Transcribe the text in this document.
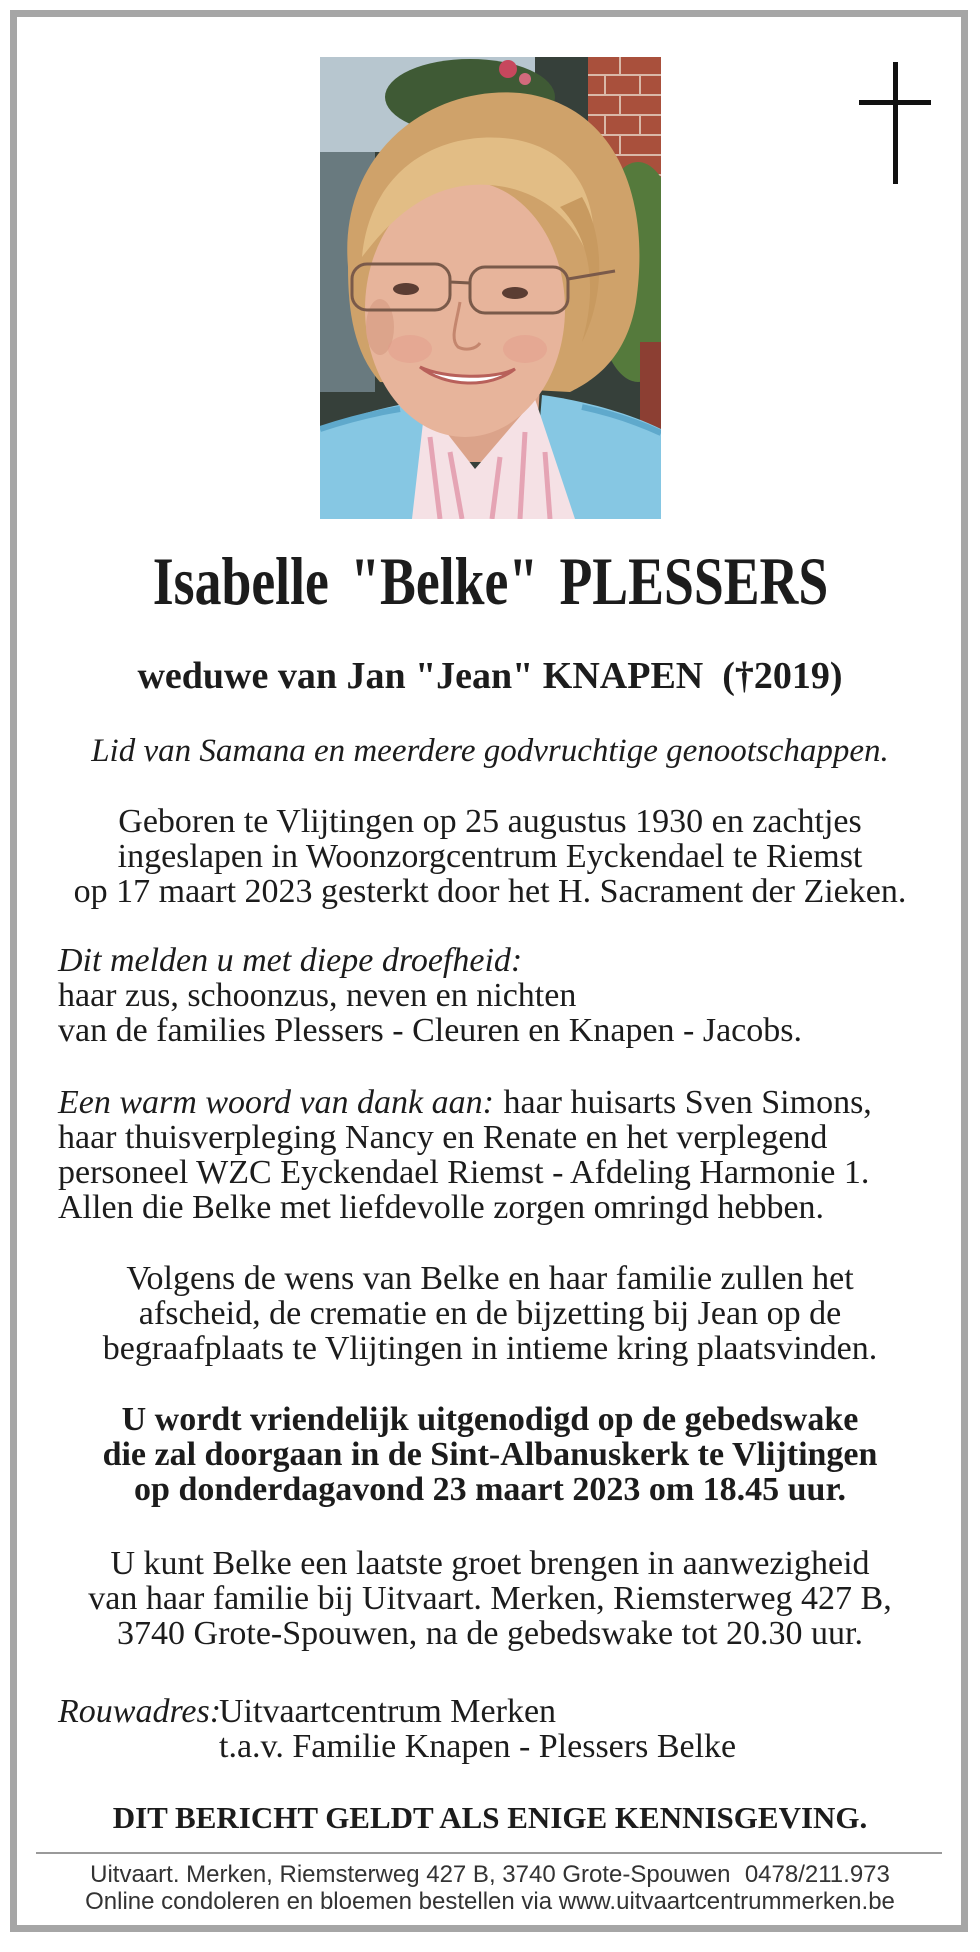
Isabelle "Belke" PLESSERS
weduwe van Jan "Jean" KNAPEN  (†2019)
Lid van Samana en meerdere godvruchtige genootschappen.
Geboren te Vlijtingen op 25 augustus 1930 en zachtjes
ingeslapen in Woonzorgcentrum Eyckendael te Riemst
op 17 maart 2023 gesterkt door het H. Sacrament der Zieken.
Dit melden u met diepe droefheid:
haar zus, schoonzus, neven en nichten
van de families Plessers - Cleuren en Knapen - Jacobs.
Een warm woord van dank aan: haar huisarts Sven Simons,
haar thuisverpleging Nancy en Renate en het verplegend
personeel WZC Eyckendael Riemst - Afdeling Harmonie 1.
Allen die Belke met liefdevolle zorgen omringd hebben.
Volgens de wens van Belke en haar familie zullen het
afscheid, de crematie en de bijzetting bij Jean op de
begraafplaats te Vlijtingen in intieme kring plaatsvinden.
U wordt vriendelijk uitgenodigd op de gebedswake
die zal doorgaan in de Sint-Albanuskerk te Vlijtingen
op donderdagavond 23 maart 2023 om 18.45 uur.
U kunt Belke een laatste groet brengen in aanwezigheid
van haar familie bij Uitvaart. Merken, Riemsterweg 427 B,
3740 Grote-Spouwen, na de gebedswake tot 20.30 uur.
Rouwadres:
Uitvaartcentrum Merken
t.a.v. Familie Knapen - Plessers Belke
DIT BERICHT GELDT ALS ENIGE KENNISGEVING.
Uitvaart. Merken, Riemsterweg 427 B, 3740 Grote-Spouwen 0478/211.973
Online condoleren en bloemen bestellen via www.uitvaartcentrummerken.be
